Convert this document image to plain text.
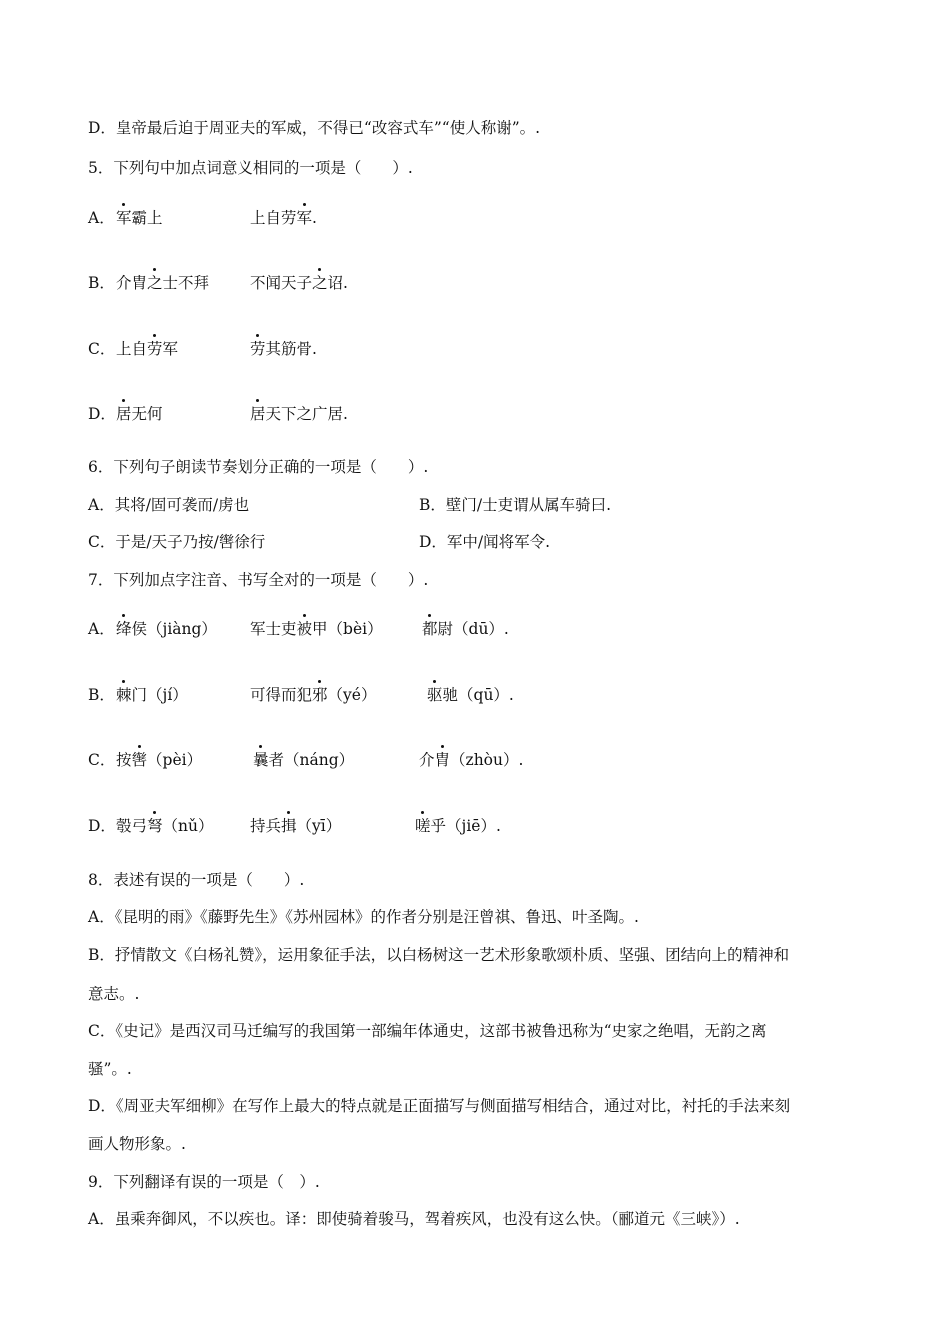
D．皇帝最后迫于周亚夫的军威，不得已“改容式车”“使人称谢”。.
5．下列句中加点词意义相同的一项是（　　）.
A． 军霸上	上自劳军.
B． 介胄之士不拜	不闻天子之诏.
C． 上自劳军	劳其筋骨.
D． 居无何	居天下之广居.
6．下列句子朗读节奏划分正确的一项是（　　）.
A．其将/固可袭而/虏也	B．壁门/士吏谓从属车骑曰.
C．于是/天子乃按/辔徐行	D．军中/闻将军令.
7．下列加点字注音、书写全对的一项是（　　）.
A． 绛侯（jiàng） 军士吏被甲（bèi）	都尉（dū）.
B． 棘门（jí）	可得而犯邪（yé）	驱驰（qū）.
C． 按辔（pèi）	曩者（náng）	介胄（zhòu）.
D． 彀弓弩（nǔ） 持兵揖（yī）	嗟乎（jiē）.
8．表述有误的一项是（　　）.
A．《昆明的雨》《藤野先生》《苏州园林》的作者分别是汪曾祺、鲁迅、叶圣陶。.
B．抒情散文《白杨礼赞》，运用象征手法，以白杨树这一艺术形象歌颂朴质、坚强、团结向上的精神和
意志。.
C．《史记》是西汉司马迁编写的我国第一部编年体通史，这部书被鲁迅称为“史家之绝唱，无韵之离
骚”。.
D．《周亚夫军细柳》在写作上最大的特点就是正面描写与侧面描写相结合，通过对比，衬托的手法来刻
画人物形象。.
9．下列翻译有误的一项是（　）.
A．虽乘奔御风，不以疾也。译：即使骑着骏马，驾着疾风，也没有这么快。（郦道元《三峡》）.
